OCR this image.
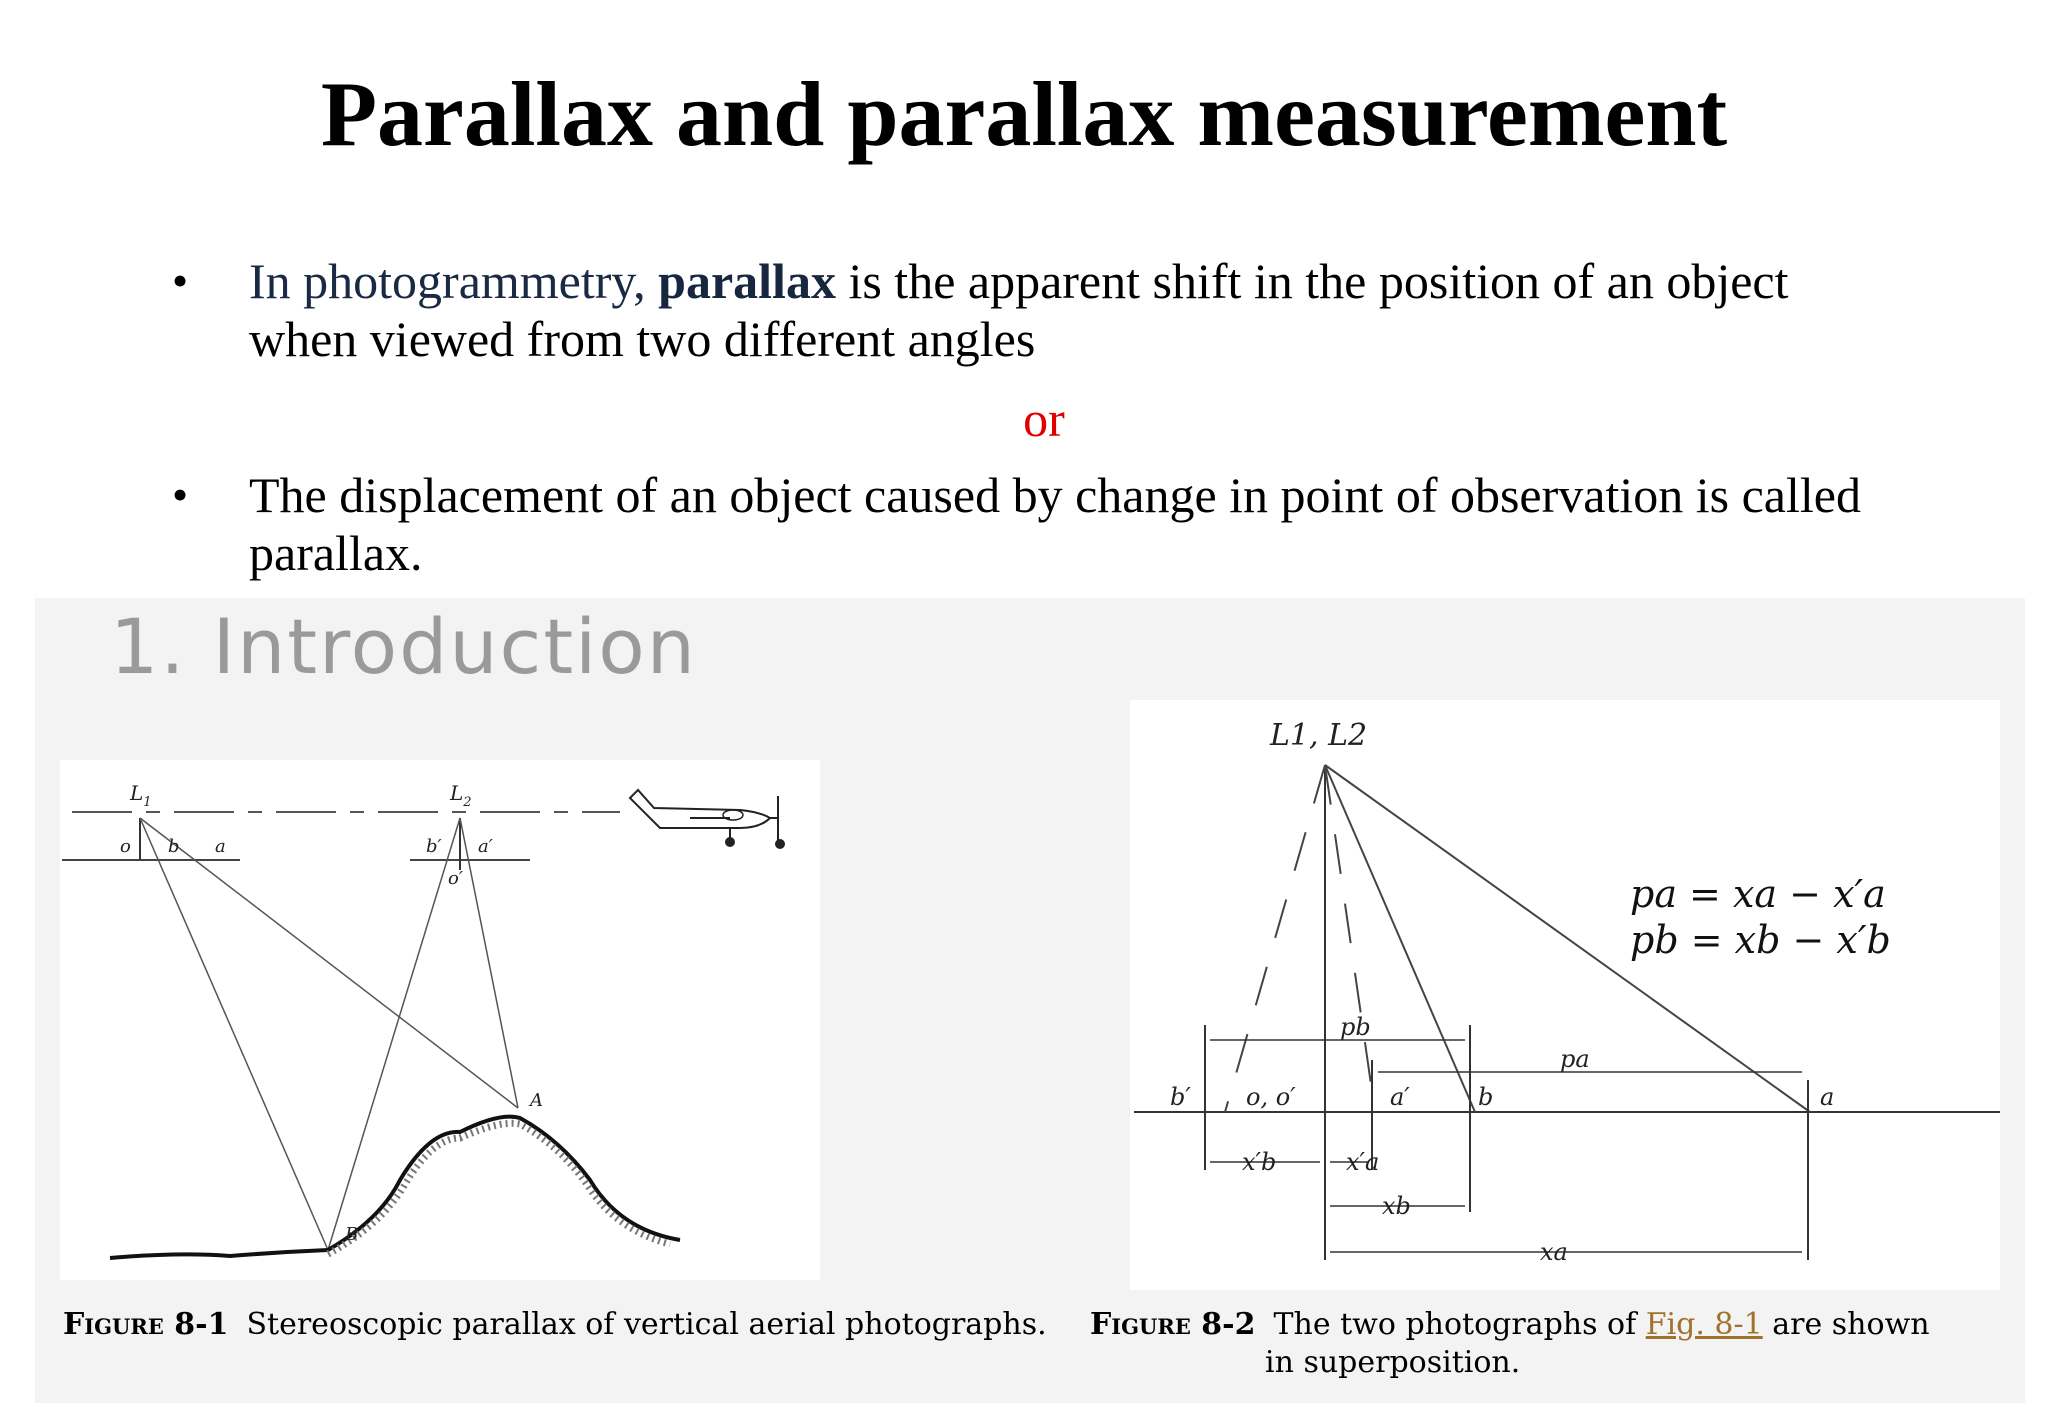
Parallax and parallax measurement
• In photogrammetry, parallax is the apparent shift in the position of an object when viewed from two different angles
or
• The displacement of an object caused by change in point of observation is called parallax.
1. Introduction
$L_1$	$L_2$
o b a	b′ a′
o′
A
B
L1, L2
pb
pa
b′ o, o′	a′	b	a
x′b	x′a
xb
xa
pa = xa − x′a
pb = xb − x′b
Figure 8-1 Stereoscopic parallax of vertical aerial photographs. Figure 8-2 The two photographs of Fig. 8-1 are shown
in superposition.
